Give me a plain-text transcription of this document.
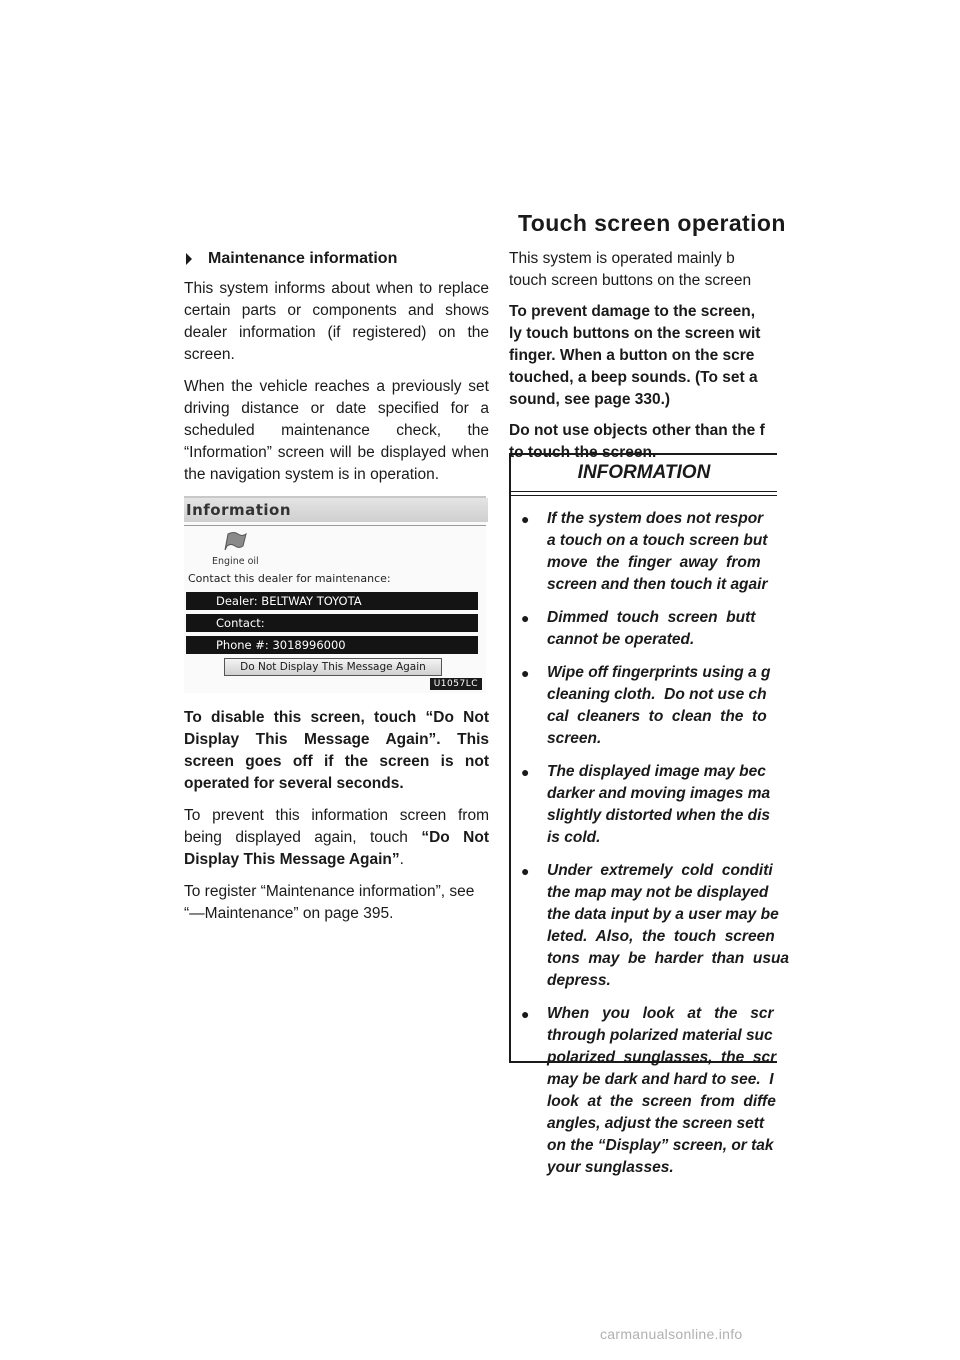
Touch screen operation

Maintenance information

This system informs about when to replace certain parts or components and shows dealer information (if registered) on the screen.

When the vehicle reaches a previously set driving distance or date specified for a scheduled maintenance check, the “Information” screen will be displayed when the navigation system is in operation.

Information
Engine oil
Contact this dealer for maintenance:
Dealer: BELTWAY TOYOTA
Contact:
Phone #: 3018996000
Do Not Display This Message Again
U1057LC

To disable this screen, touch “Do Not Display This Message Again”. This screen goes off if the screen is not operated for several seconds.

To prevent this information screen from being displayed again, touch “Do Not Display This Message Again”.

To register “Maintenance information”, see “—Maintenance” on page 395.

This system is operated mainly b
touch screen buttons on the screen

To prevent damage to the screen,
ly touch buttons on the screen wit
finger. When a button on the scre
touched, a beep sounds. (To set a
sound, see page 330.)

Do not use objects other than the f
to touch the screen.

INFORMATION
● If the system does not respor
a touch on a touch screen but
move  the  finger  away  from
screen and then touch it agair
● Dimmed  touch  screen  butt
cannot be operated.
● Wipe off fingerprints using a g
cleaning cloth.  Do not use ch
cal  cleaners  to  clean  the  to
screen.
● The displayed image may bec
darker and moving images ma
slightly distorted when the dis
is cold.
● Under  extremely  cold  conditi
the map may not be displayed
the data input by a user may be
leted.  Also,  the  touch  screen
tons  may  be  harder  than  usua
depress.
● When   you   look   at   the   scr
through polarized material suc
polarized  sunglasses,  the  scr
may be dark and hard to see.  I
look  at  the  screen  from  diffe
angles, adjust the screen sett
on the “Display” screen, or tak
your sunglasses.
carmanualsonline.info
